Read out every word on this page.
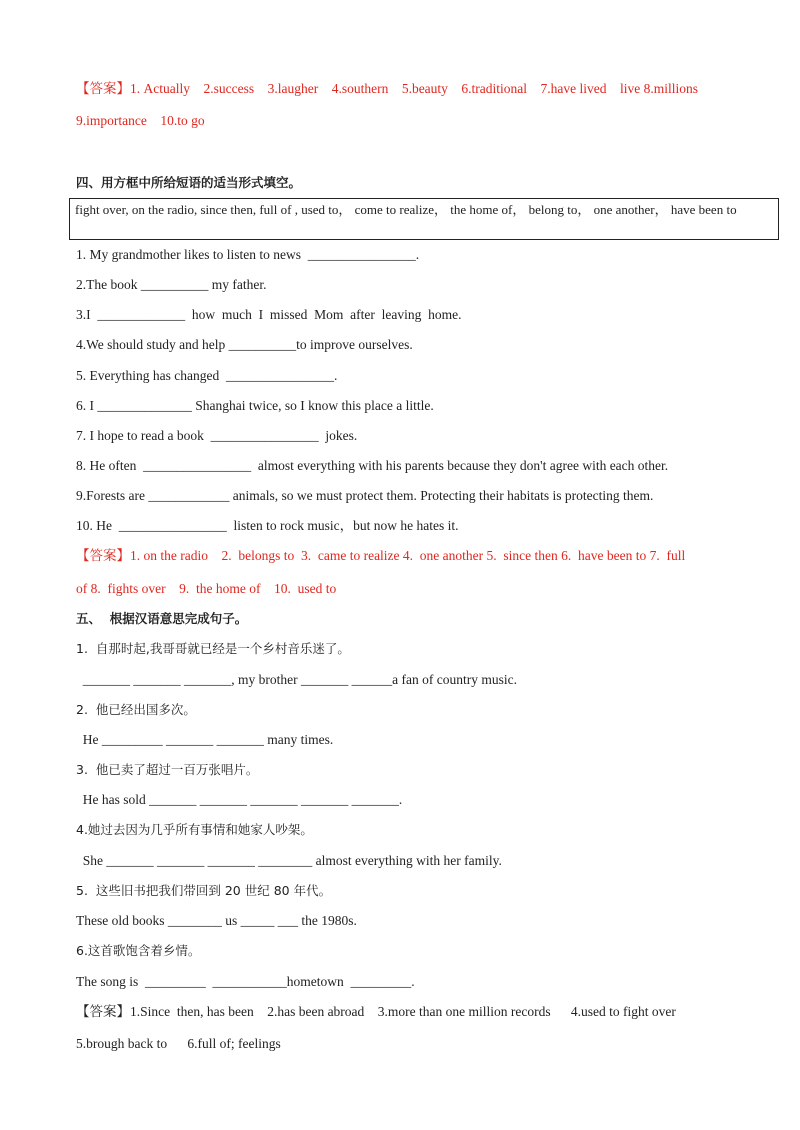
【答案】1. Actually    2.success    3.laugher    4.southern    5.beauty    6.traditional    7.have lived    live 8.millions
9.importance    10.to go
四、用方框中所给短语的适当形式填空。
fight over, on the radio, since then, full of , used to， come to realize， the home of， belong to， one another， have been to
1. My grandmother likes to listen to news  ________________.
2.The book __________ my father.
3.I  _____________  how  much  I  missed  Mom  after  leaving  home.
4.We should study and help __________to improve ourselves.
5. Everything has changed  ________________.
6. I ______________ Shanghai twice, so I know this place a little.
7. I hope to read a book  ________________  jokes.
8. He often  ________________  almost everything with his parents because they don't agree with each other.
9.Forests are ____________ animals, so we must protect them. Protecting their habitats is protecting them.
10. He  ________________  listen to rock music，but now he hates it.
【答案】1. on the radio    2.  belongs to  3.  came to realize 4.  one another 5.  since then 6.  have been to 7.  full
of 8.  fights over    9.  the home of    10.  used to
五、  根据汉语意思完成句子。
1.  自那时起,我哥哥就已经是一个乡村音乐迷了。
_______ _______ _______, my brother _______ ______a fan of country music.
2.  他已经出国多次。
He _________ _______ _______ many times.
3.  他已卖了超过一百万张唱片。
He has sold _______ _______ _______ _______ _______.
4.她过去因为几乎所有事情和她家人吵架。
She _______ _______ _______ ________ almost everything with her family.
5.  这些旧书把我们带回到 20 世纪 80 年代。
These old books ________ us _____ ___ the 1980s.
6.这首歌饱含着乡情。
The song is  _________  ___________hometown  _________.
【答案】1.Since  then, has been    2.has been abroad    3.more than one million records      4.used to fight over
5.brough back to      6.full of; feelings
